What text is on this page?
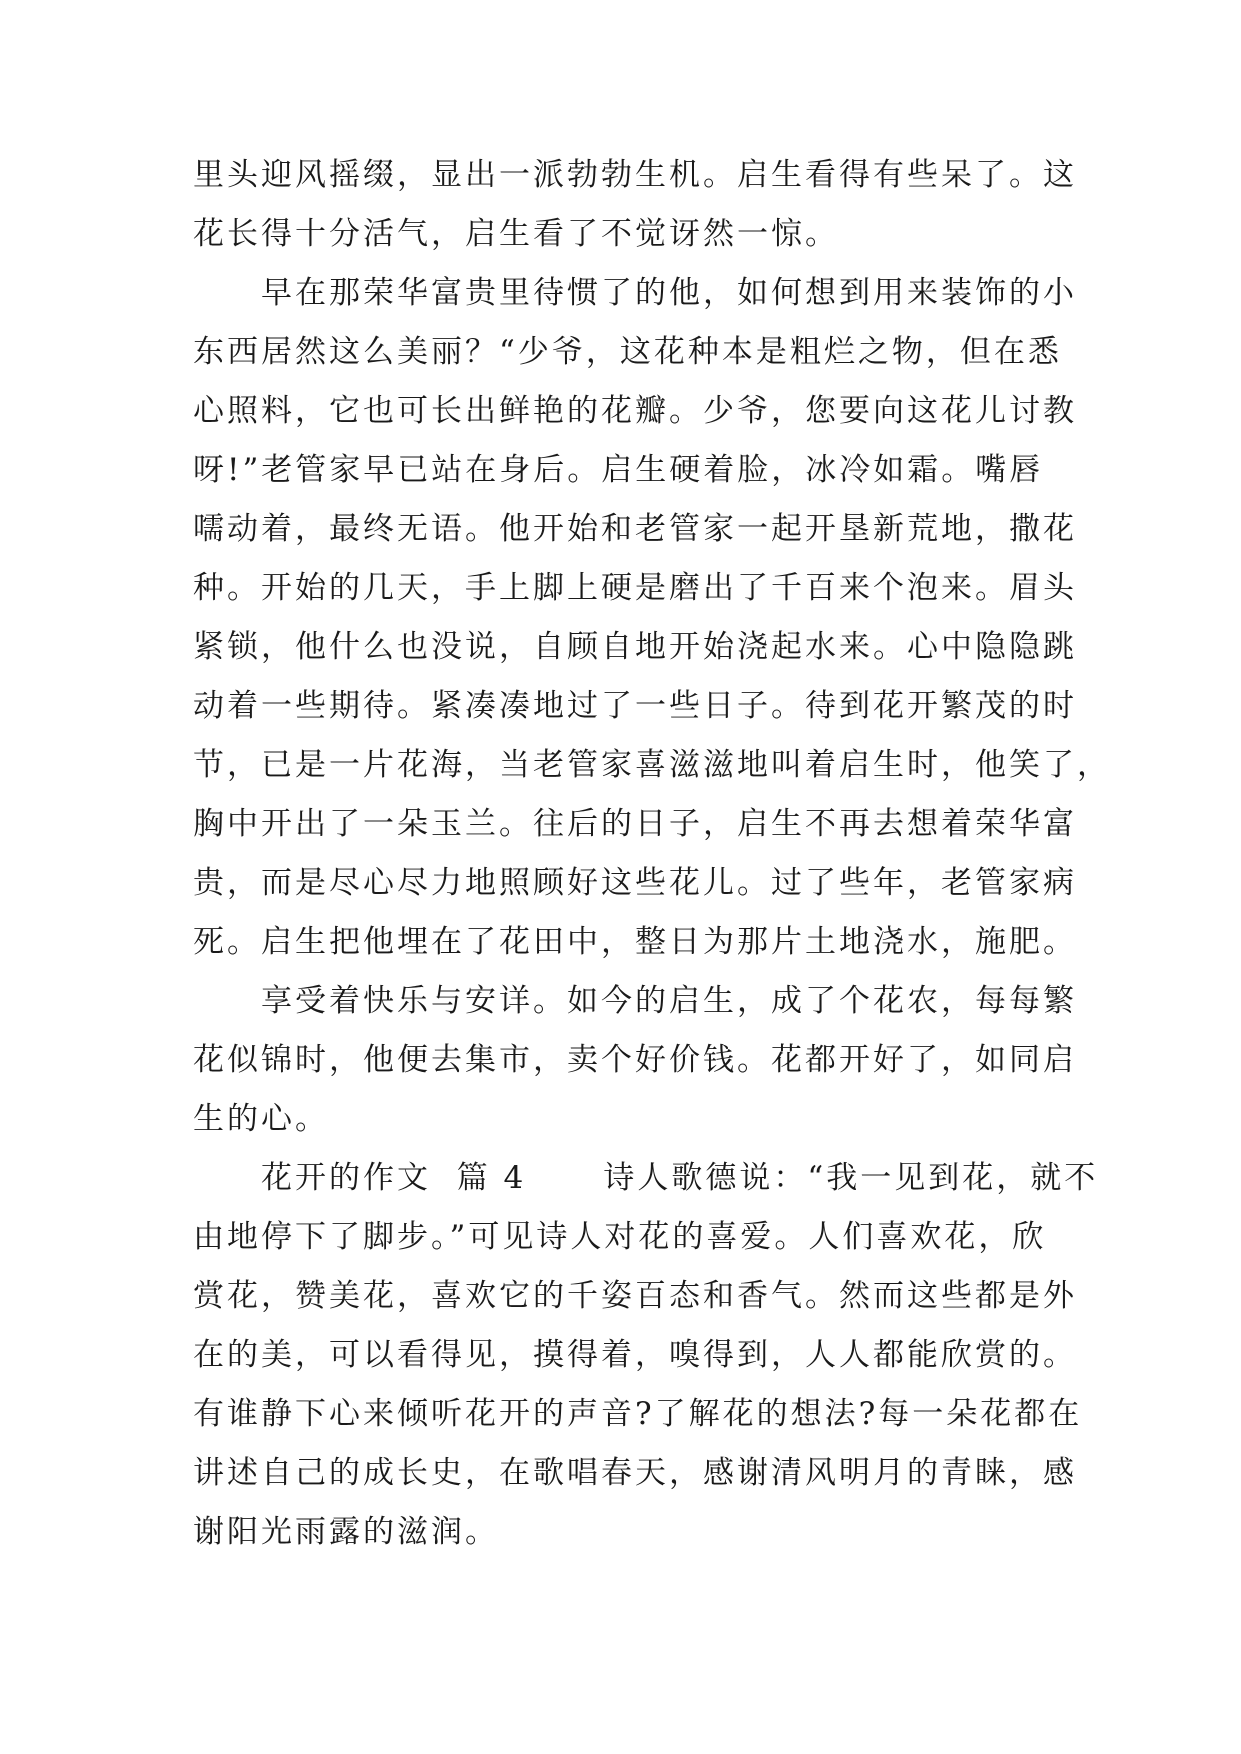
里头迎风摇缀，显出一派勃勃生机。启生看得有些呆了。这
花长得十分活气，启生看了不觉讶然一惊。
　　早在那荣华富贵里待惯了的他，如何想到用来装饰的小
东西居然这么美丽？“少爷，这花种本是粗烂之物，但在悉
心照料，它也可长出鲜艳的花瓣。少爷，您要向这花儿讨教
呀!”老管家早已站在身后。启生硬着脸，冰冷如霜。嘴唇
嚅动着，最终无语。他开始和老管家一起开垦新荒地，撒花
种。开始的几天，手上脚上硬是磨出了千百来个泡来。眉头
紧锁，他什么也没说，自顾自地开始浇起水来。心中隐隐跳
动着一些期待。紧凑凑地过了一些日子。待到花开繁茂的时
节，已是一片花海，当老管家喜滋滋地叫着启生时，他笑了，
胸中开出了一朵玉兰。往后的日子，启生不再去想着荣华富
贵，而是尽心尽力地照顾好这些花儿。过了些年，老管家病
死。启生把他埋在了花田中，整日为那片土地浇水，施肥。
　　享受着快乐与安详。如今的启生，成了个花农，每每繁
花似锦时，他便去集市，卖个好价钱。花都开好了，如同启
生的心。
　　花开的作文  篇 4      诗人歌德说：“我一见到花，就不
由地停下了脚步。”可见诗人对花的喜爱。人们喜欢花，欣
赏花，赞美花，喜欢它的千姿百态和香气。然而这些都是外
在的美，可以看得见，摸得着，嗅得到，人人都能欣赏的。
有谁静下心来倾听花开的声音?了解花的想法?每一朵花都在
讲述自己的成长史，在歌唱春天，感谢清风明月的青睐，感
谢阳光雨露的滋润。
